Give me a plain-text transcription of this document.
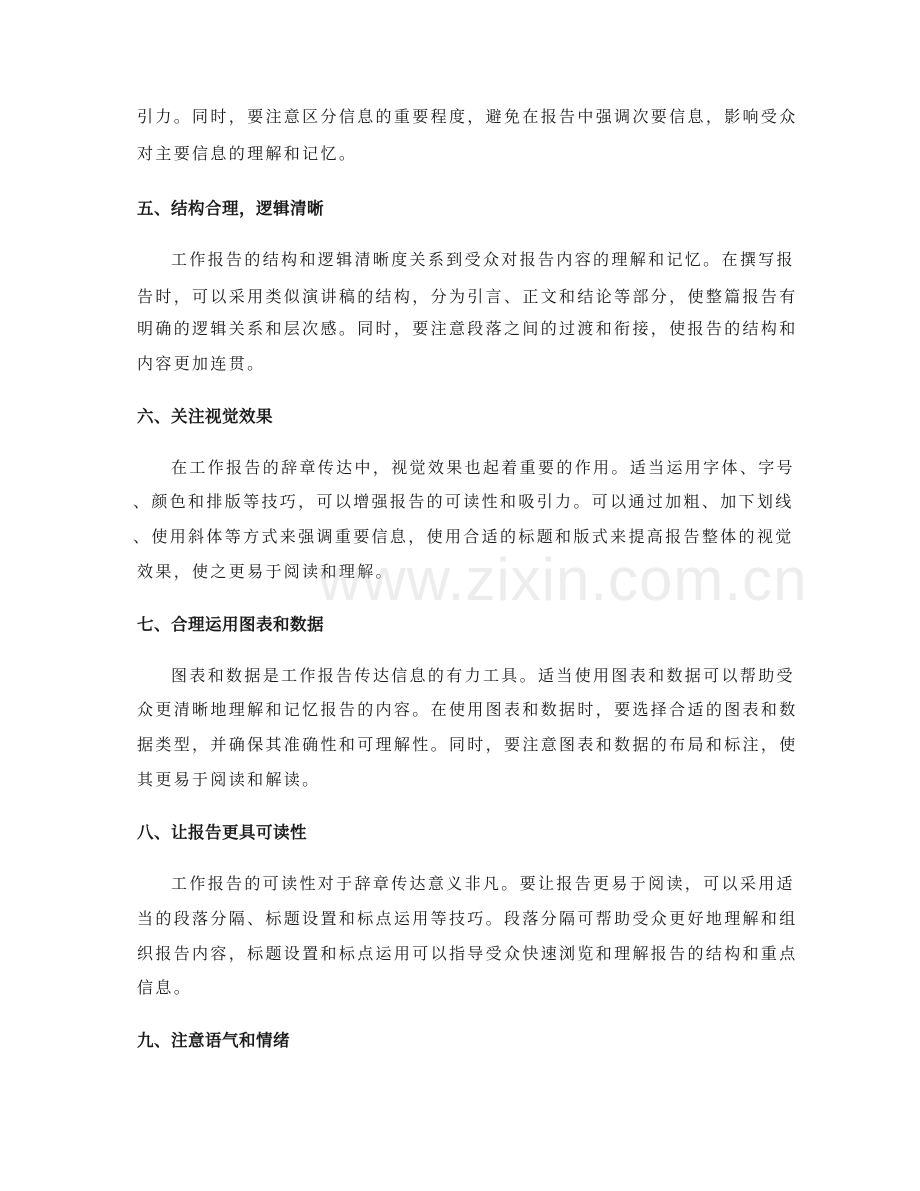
引力。同时，要注意区分信息的重要程度，避免在报告中强调次要信息，影响受众
对主要信息的理解和记忆。
五、结构合理，逻辑清晰
工作报告的结构和逻辑清晰度关系到受众对报告内容的理解和记忆。在撰写报
告时，可以采用类似演讲稿的结构，分为引言、正文和结论等部分，使整篇报告有
明确的逻辑关系和层次感。同时，要注意段落之间的过渡和衔接，使报告的结构和
内容更加连贯。
六、关注视觉效果
在工作报告的辞章传达中，视觉效果也起着重要的作用。适当运用字体、字号
、颜色和排版等技巧，可以增强报告的可读性和吸引力。可以通过加粗、加下划线
、使用斜体等方式来强调重要信息，使用合适的标题和版式来提高报告整体的视觉
效果，使之更易于阅读和理解。
七、合理运用图表和数据
图表和数据是工作报告传达信息的有力工具。适当使用图表和数据可以帮助受
众更清晰地理解和记忆报告的内容。在使用图表和数据时，要选择合适的图表和数
据类型，并确保其准确性和可理解性。同时，要注意图表和数据的布局和标注，使
其更易于阅读和解读。
八、让报告更具可读性
工作报告的可读性对于辞章传达意义非凡。要让报告更易于阅读，可以采用适
当的段落分隔、标题设置和标点运用等技巧。段落分隔可帮助受众更好地理解和组
织报告内容，标题设置和标点运用可以指导受众快速浏览和理解报告的结构和重点
信息。
九、注意语气和情绪
www.zixin.com.cn
